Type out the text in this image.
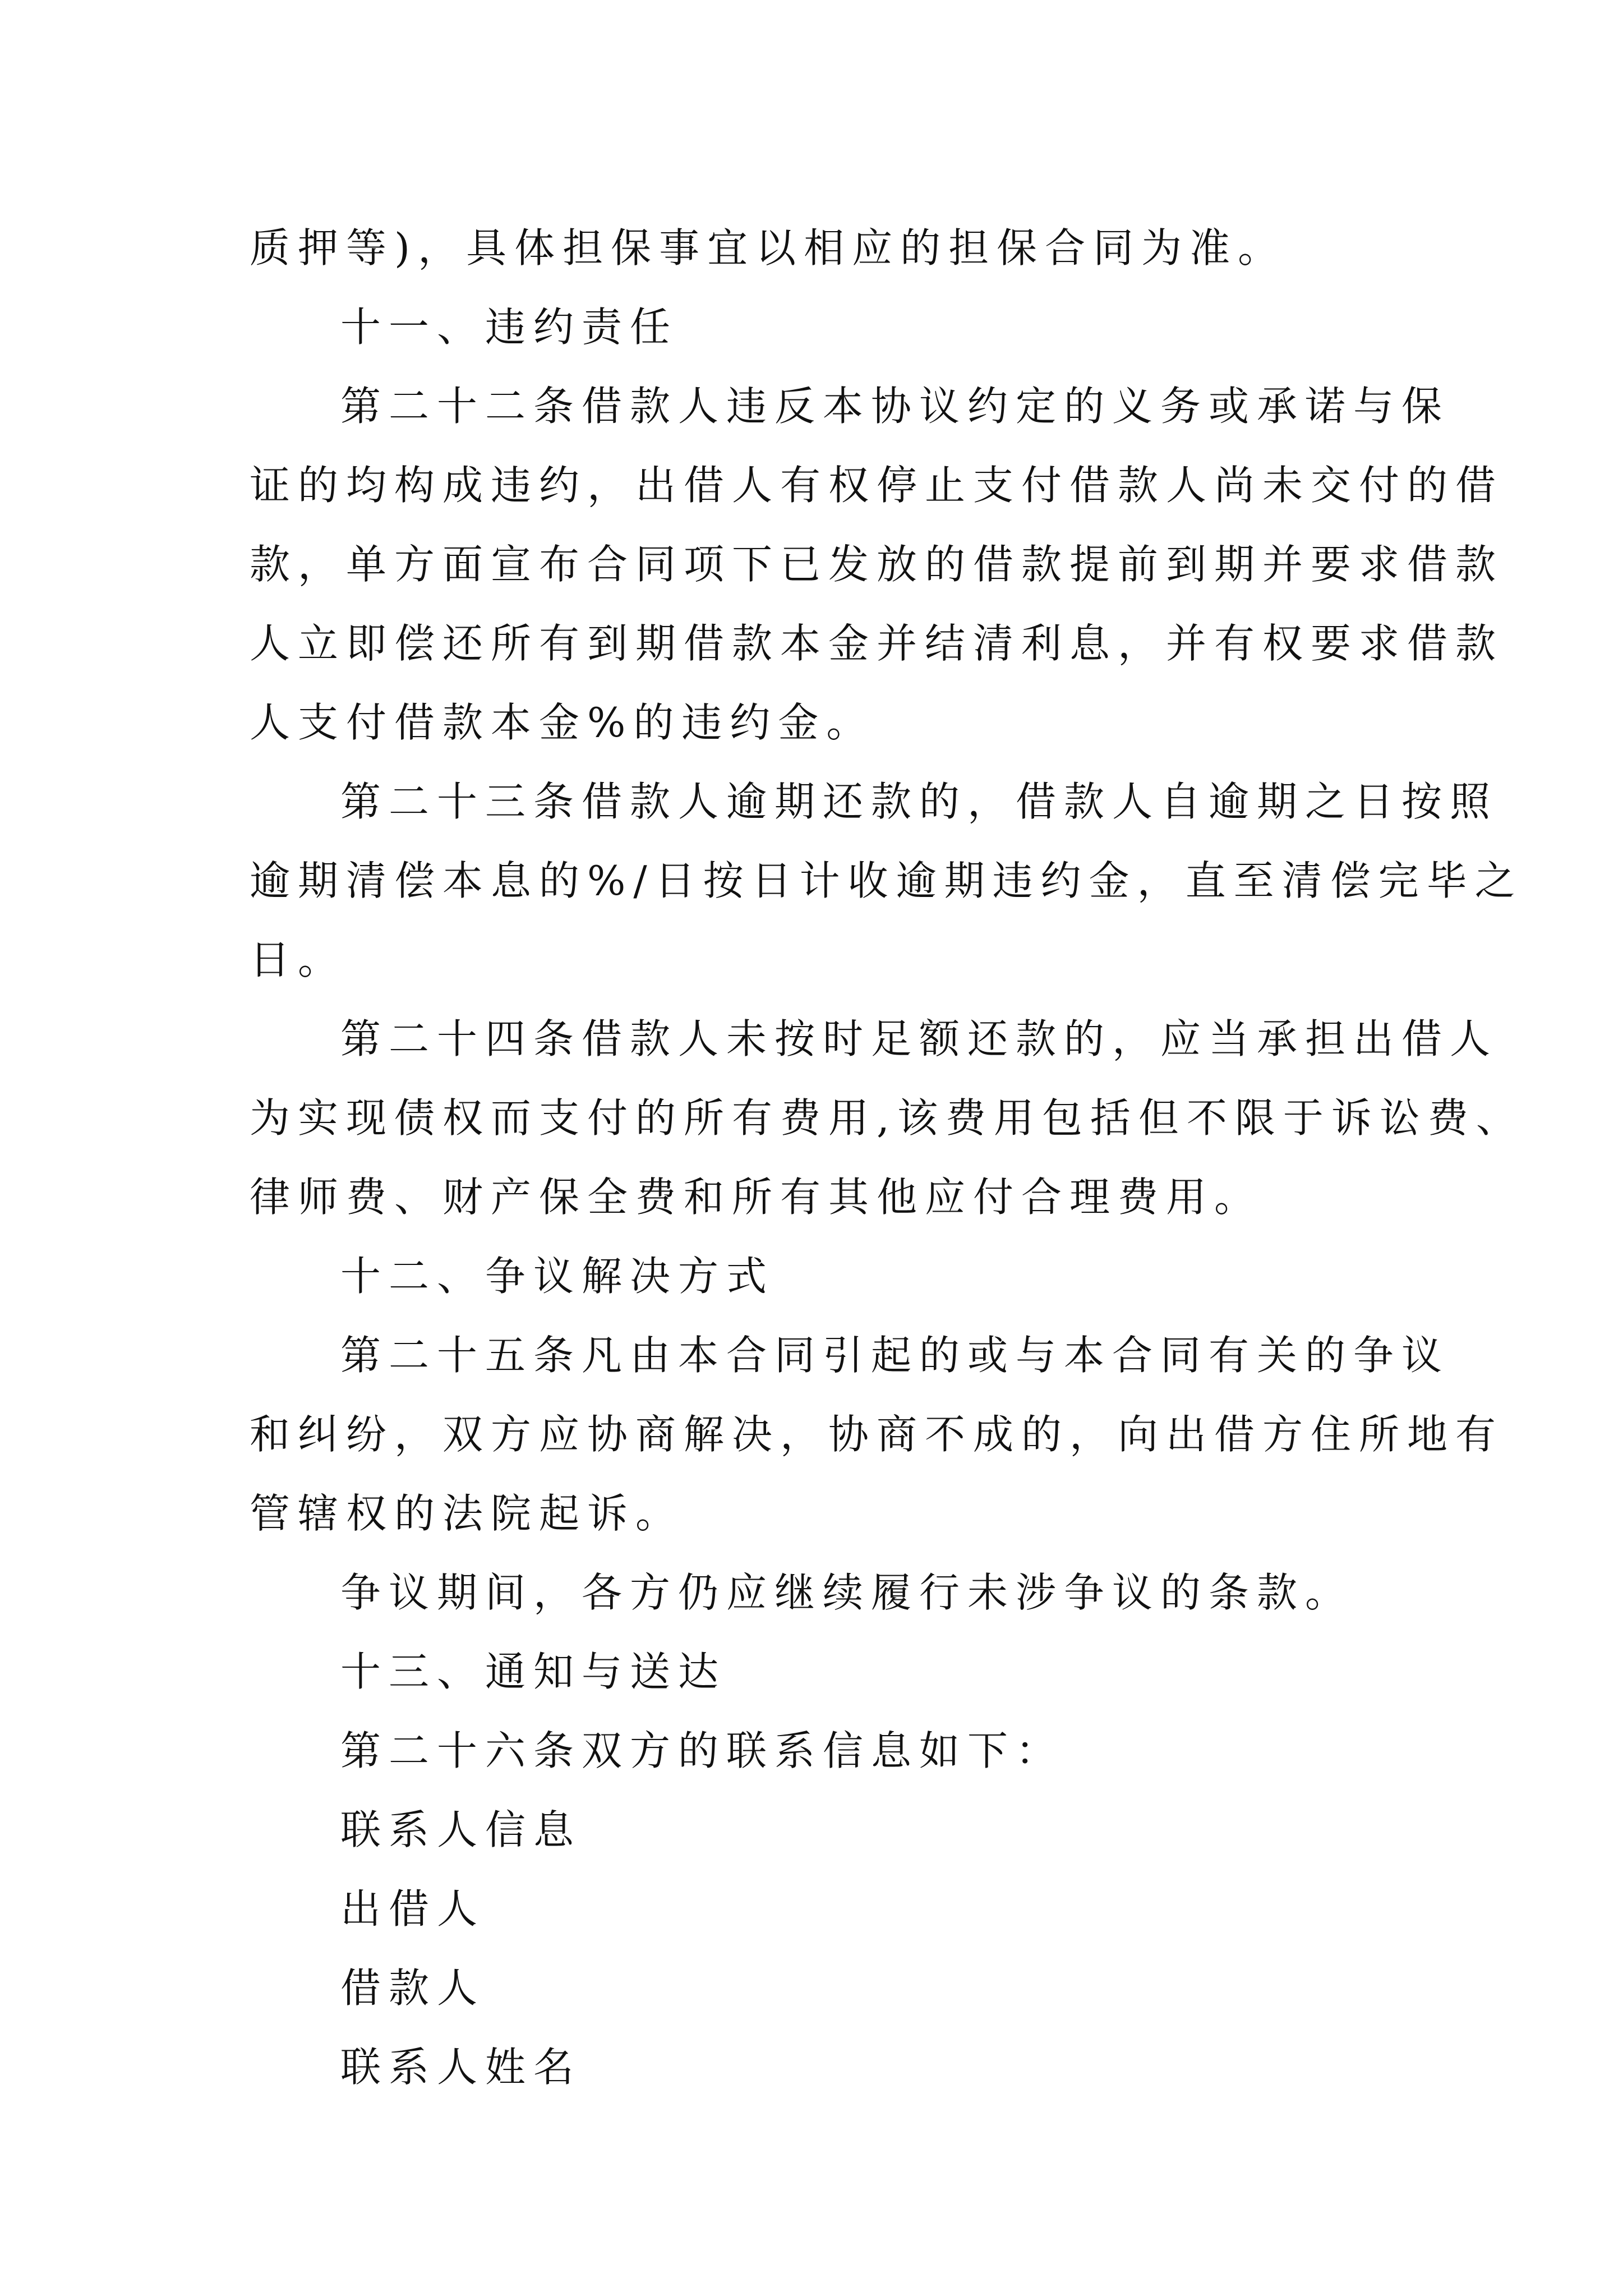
质押等)，具体担保事宜以相应的担保合同为准。
十一、违约责任
第二十二条借款人违反本协议约定的义务或承诺与保
证的均构成违约，出借人有权停止支付借款人尚未交付的借
款，单方面宣布合同项下已发放的借款提前到期并要求借款
人立即偿还所有到期借款本金并结清利息，并有权要求借款
人支付借款本金%的违约金。
第二十三条借款人逾期还款的，借款人自逾期之日按照
逾期清偿本息的%/日按日计收逾期违约金，直至清偿完毕之
日。
第二十四条借款人未按时足额还款的，应当承担出借人
为实现债权而支付的所有费用,该费用包括但不限于诉讼费、
律师费、财产保全费和所有其他应付合理费用。
十二、争议解决方式
第二十五条凡由本合同引起的或与本合同有关的争议
和纠纷，双方应协商解决，协商不成的，向出借方住所地有
管辖权的法院起诉。
争议期间，各方仍应继续履行未涉争议的条款。
十三、通知与送达
第二十六条双方的联系信息如下：
联系人信息
出借人
借款人
联系人姓名
